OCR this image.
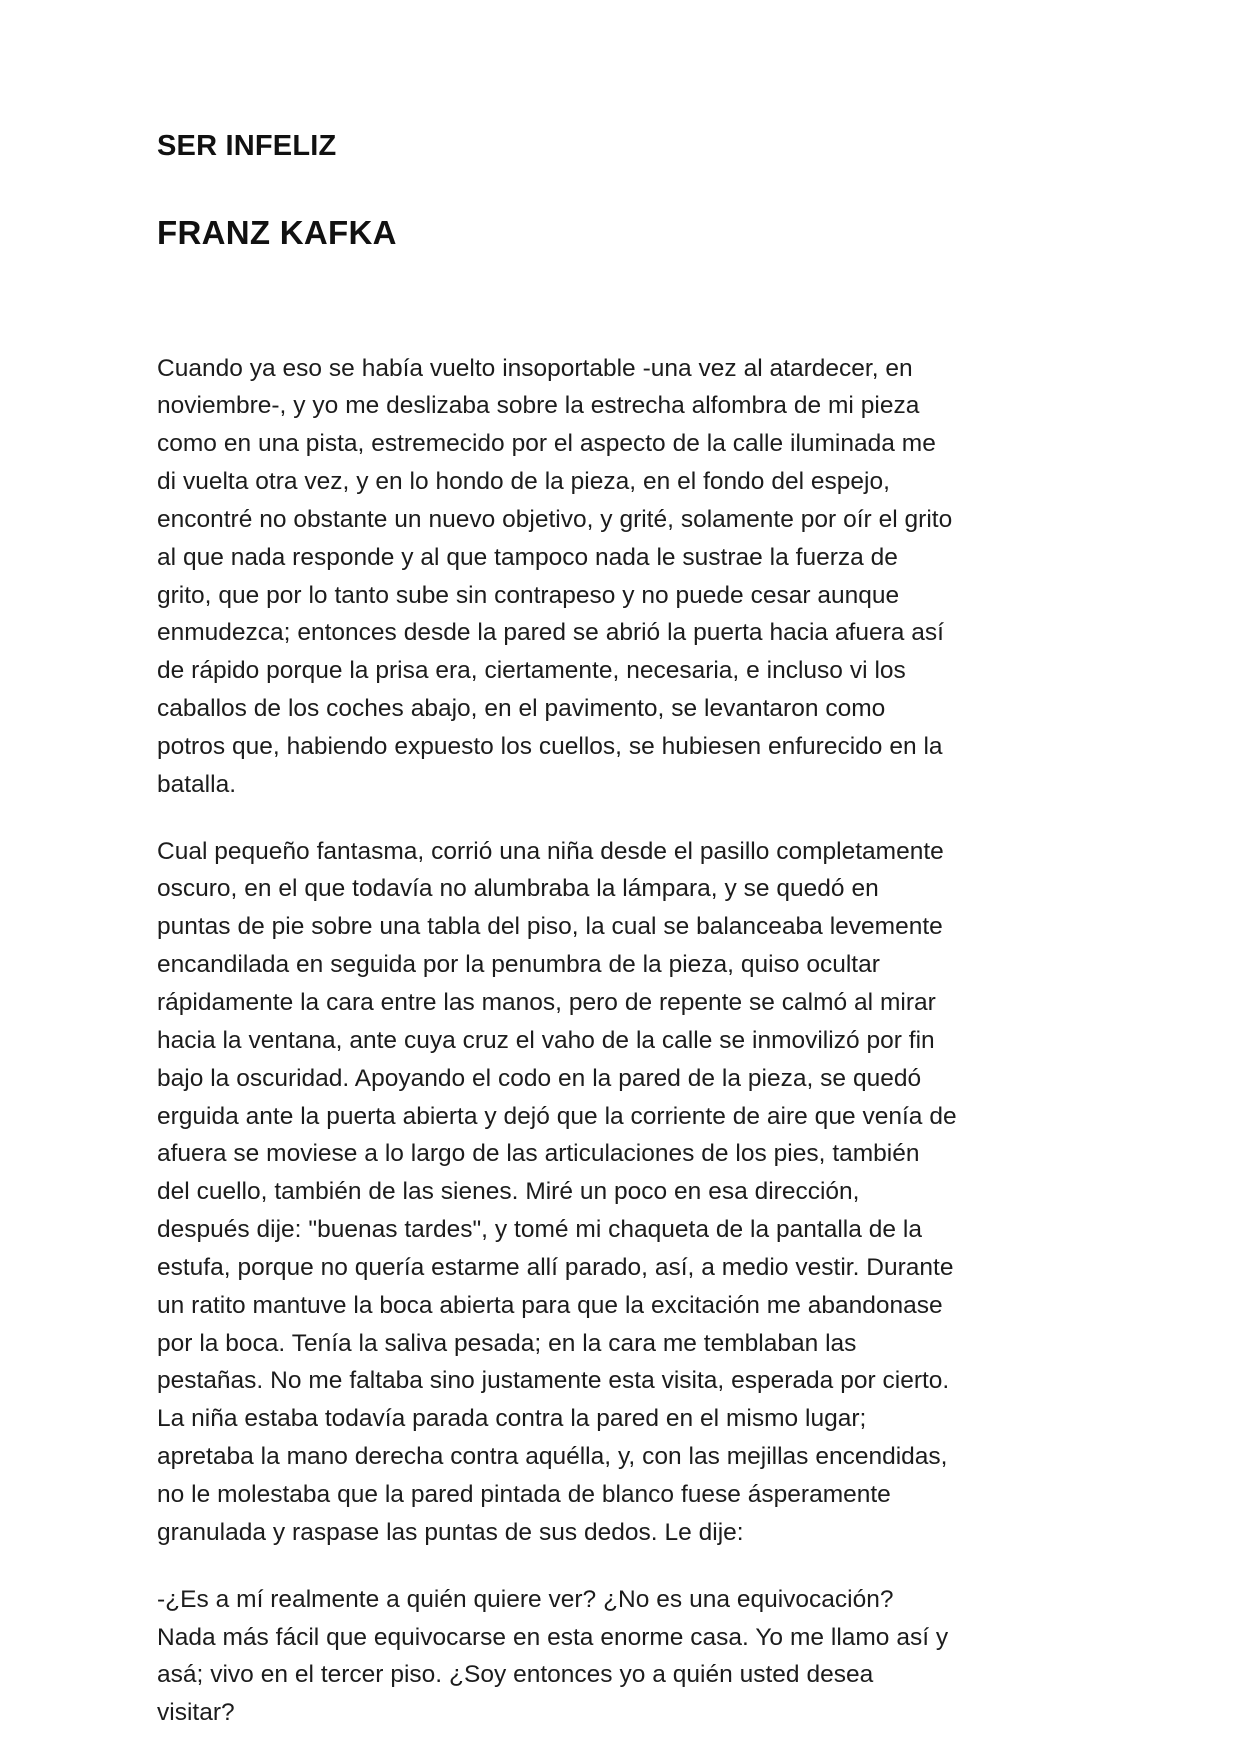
SER INFELIZ
FRANZ KAFKA

Cuando ya eso se había vuelto insoportable -una vez al atardecer, en noviembre-, y yo me deslizaba sobre la estrecha alfombra de mi pieza como en una pista, estremecido por el aspecto de la calle iluminada me di vuelta otra vez, y en lo hondo de la pieza, en el fondo del espejo, encontré no obstante un nuevo objetivo, y grité, solamente por oír el grito al que nada responde y al que tampoco nada le sustrae la fuerza de grito, que por lo tanto sube sin contrapeso y no puede cesar aunque enmudezca; entonces desde la pared se abrió la puerta hacia afuera así de rápido porque la prisa era, ciertamente, necesaria, e incluso vi los caballos de los coches abajo, en el pavimento, se levantaron como potros que, habiendo expuesto los cuellos, se hubiesen enfurecido en la batalla.

Cual pequeño fantasma, corrió una niña desde el pasillo completamente oscuro, en el que todavía no alumbraba la lámpara, y se quedó en puntas de pie sobre una tabla del piso, la cual se balanceaba levemente encandilada en seguida por la penumbra de la pieza, quiso ocultar rápidamente la cara entre las manos, pero de repente se calmó al mirar hacia la ventana, ante cuya cruz el vaho de la calle se inmovilizó por fin bajo la oscuridad. Apoyando el codo en la pared de la pieza, se quedó erguida ante la puerta abierta y dejó que la corriente de aire que venía de afuera se moviese a lo largo de las articulaciones de los pies, también del cuello, también de las sienes. Miré un poco en esa dirección, después dije: "buenas tardes", y tomé mi chaqueta de la pantalla de la estufa, porque no quería estarme allí parado, así, a medio vestir. Durante un ratito mantuve la boca abierta para que la excitación me abandonase por la boca. Tenía la saliva pesada; en la cara me temblaban las pestañas. No me faltaba sino justamente esta visita, esperada por cierto. La niña estaba todavía parada contra la pared en el mismo lugar; apretaba la mano derecha contra aquélla, y, con las mejillas encendidas, no le molestaba que la pared pintada de blanco fuese ásperamente granulada y raspase las puntas de sus dedos. Le dije:

-¿Es a mí realmente a quién quiere ver? ¿No es una equivocación? Nada más fácil que equivocarse en esta enorme casa. Yo me llamo así y asá; vivo en el tercer piso. ¿Soy entonces yo a quién usted desea visitar?
